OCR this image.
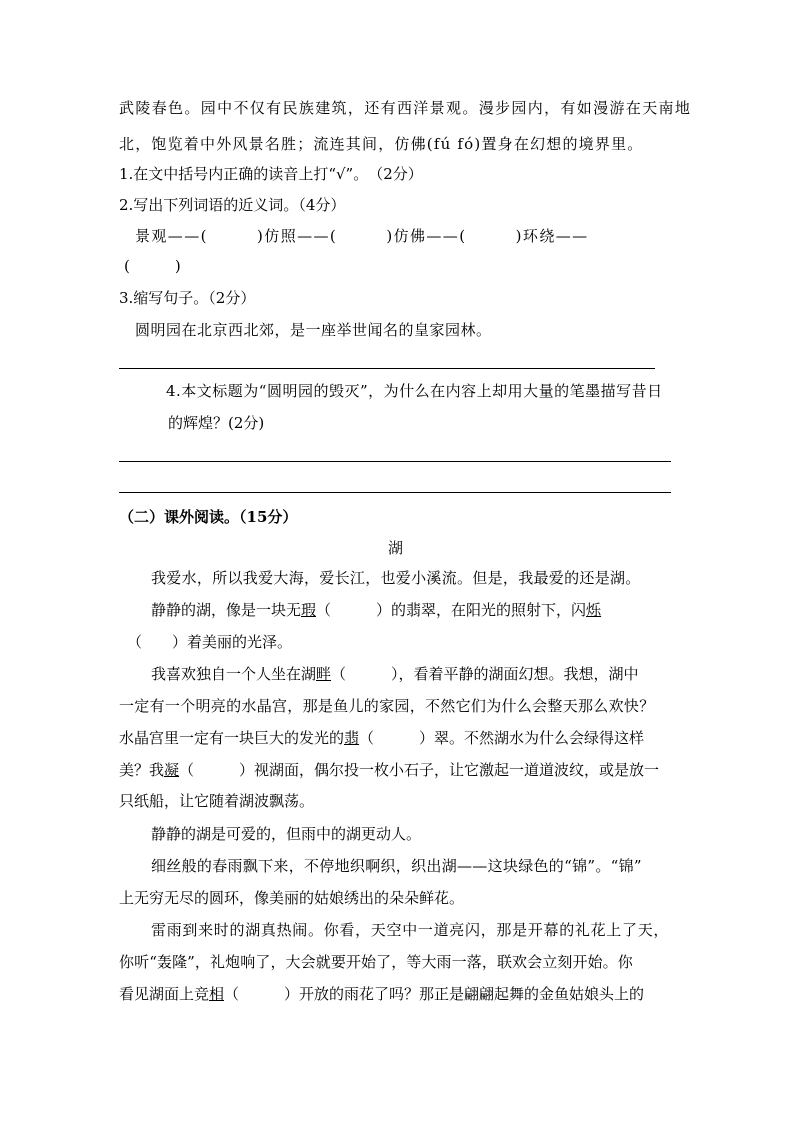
武陵春色。园中不仅有民族建筑，还有西洋景观。漫步园内，有如漫游在天南地
北，饱览着中外风景名胜；流连其间，仿佛(fú fó)置身在幻想的境界里。
1.在文中括号内正确的读音上打“√”。　（2分）
2.写出下列词语的近义词。（4分）
景观——(　　　)仿照——(　　　)仿佛——(　　　)环绕——
(　　　)
3.缩写句子。（2分）
圆明园在北京西北郊，是一座举世闻名的皇家园林。
4.本文标题为“圆明园的毁灭”，为什么在内容上却用大量的笔墨描写昔日
的辉煌？(2分)
（二）课外阅读。（15分）
湖
我爱水，所以我爱大海，爱长江，也爱小溪流。但是，我最爱的还是湖。
静静的湖，像是一块无瑕（　　　）的翡翠，在阳光的照射下，闪烁
（　　）着美丽的光泽。
我喜欢独自一个人坐在湖畔（　　　），看着平静的湖面幻想。我想，湖中
一定有一个明亮的水晶宫，那是鱼儿的家园，不然它们为什么会整天那么欢快？
水晶宫里一定有一块巨大的发光的翡（　　　）翠。不然湖水为什么会绿得这样
美？我凝（　　　）视湖面，偶尔投一枚小石子，让它激起一道道波纹，或是放一
只纸船，让它随着湖波飘荡。
静静的湖是可爱的，但雨中的湖更动人。
细丝般的春雨飘下来，不停地织啊织，织出湖——这块绿色的“锦”。“锦”
上无穷无尽的圆环，像美丽的姑娘绣出的朵朵鲜花。
雷雨到来时的湖真热闹。你看，天空中一道亮闪，那是开幕的礼花上了天，
你听“轰隆”，礼炮响了，大会就要开始了，等大雨一落，联欢会立刻开始。你
看见湖面上竞相（　　　）开放的雨花了吗？那正是翩翩起舞的金鱼姑娘头上的
